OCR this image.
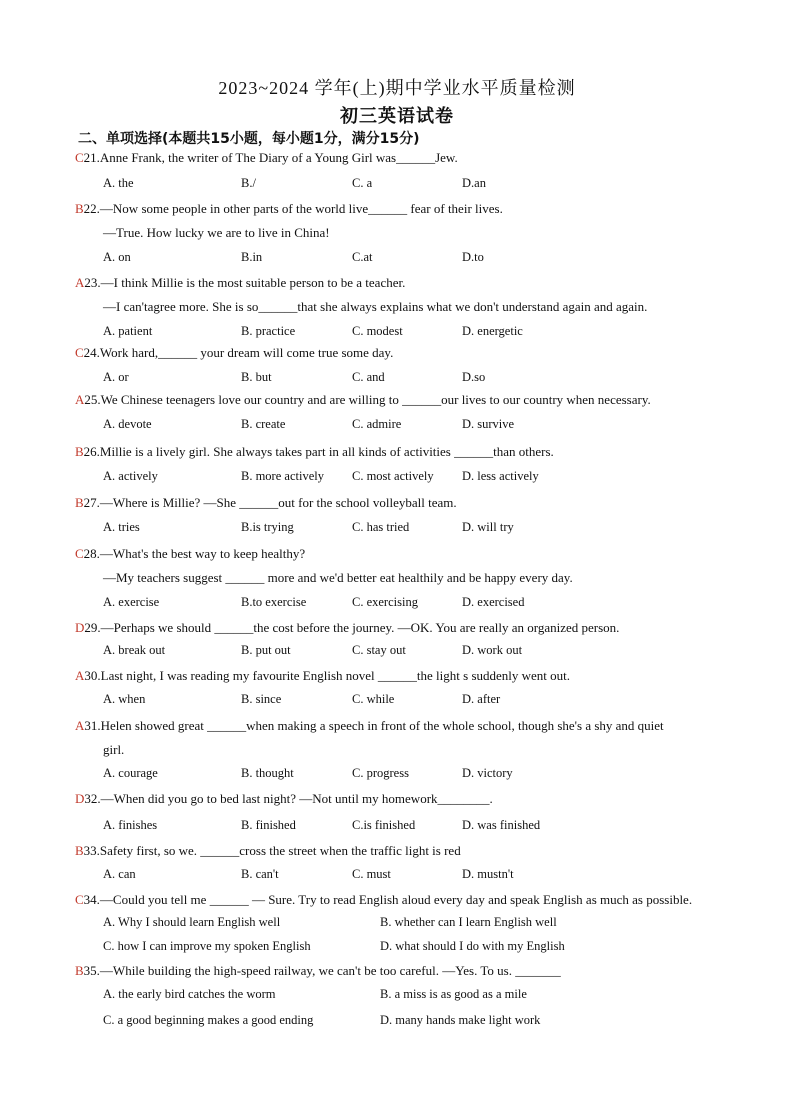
2023~2024 学年(上)期中学业水平质量检测
初三英语试卷
二、单项选择(本题共15小题，每小题1分，满分15分)
C21.Anne Frank, the writer of The Diary of a Young Girl was______Jew.
A. the	B./	C. a	D.an
B22.—Now some people in other parts of the world live______ fear of their lives.
—True. How lucky we are to live in China!
A. on	B.in	C.at	D.to
A23.—I think Millie is the most suitable person to be a teacher.
—I can'tagree more. She is so______that she always explains what we don't understand again and again.
A. patient	B. practice	C. modest	D. energetic
C24.Work hard,______ your dream will come true some day.
A. or	B. but	C. and	D.so
A25.We Chinese teenagers love our country and are willing to ______our lives to our country when necessary.
A. devote	B. create	C. admire	D. survive
B26.Millie is a lively girl. She always takes part in all kinds of activities ______than others.
A. actively	B. more actively C. most actively D. less actively
B27.—Where is Millie? —She ______out for the school volleyball team.
A. tries	B.is trying	C. has tried	D. will try
C28.—What's the best way to keep healthy?
—My teachers suggest ______ more and we'd better eat healthily and be happy every day.
A. exercise	B.to exercise	C. exercising	D. exercised
D29.—Perhaps we should ______the cost before the journey. —OK. You are really an organized person.
A. break out	B. put out	C. stay out	D. work out
A30.Last night, I was reading my favourite English novel ______the light s suddenly went out.
A. when	B. since	C. while	D. after
A31.Helen showed great ______when making a speech in front of the whole school, though she's a shy and quiet
girl.
A. courage	B. thought	C. progress	D. victory
D32.—When did you go to bed last night? —Not until my homework________.
A. finishes	B. finished	C.is finished	D. was finished
B33.Safety first, so we. ______cross the street when the traffic light is red
A. can	B. can't	C. must	D. mustn't
C34.—Could you tell me ______ — Sure. Try to read English aloud every day and speak English as much as possible.
A. Why I should learn English well	B. whether can I learn English well
C. how I can improve my spoken English	D. what should I do with my English
B35.—While building the high-speed railway, we can't be too careful. —Yes. To us. _______
A. the early bird catches the worm	B. a miss is as good as a mile
C. a good beginning makes a good ending	D. many hands make light work
